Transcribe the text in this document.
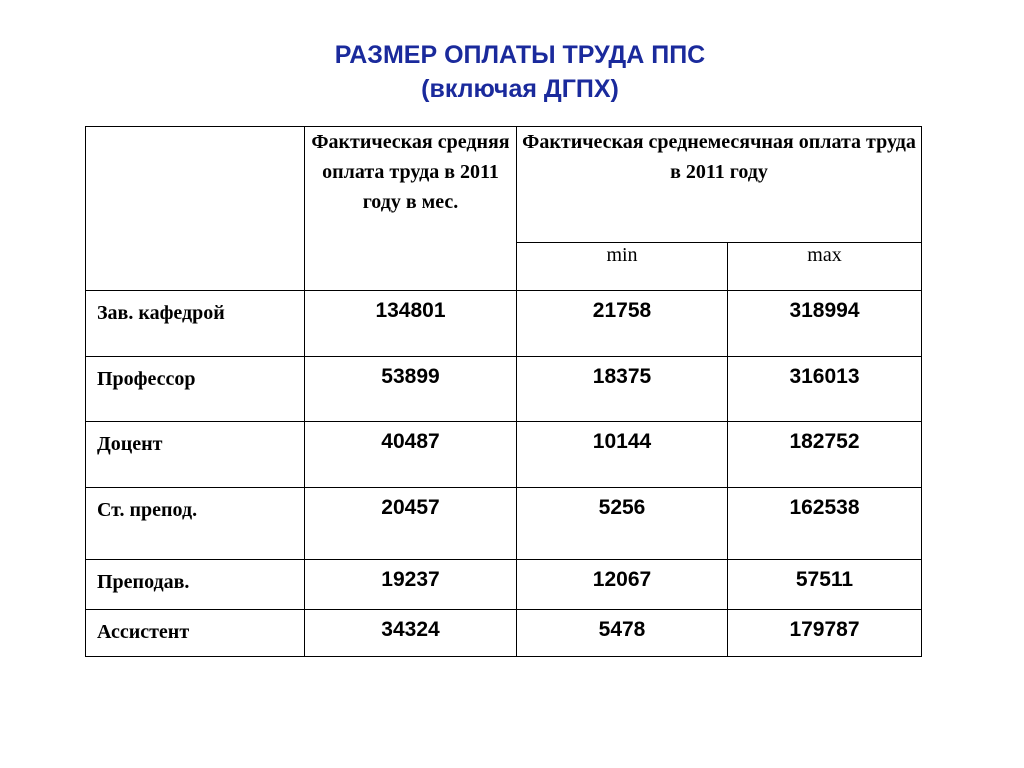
РАЗМЕР ОПЛАТЫ ТРУДА ППС
(включая ДГПХ)
	Фактическая средняя оплата труда в 2011 году в мес.	Фактическая среднемесячная оплата труда в 2011 году	
		min	max
Зав. кафедрой	134801	21758	318994
Профессор	53899	18375	316013
Доцент	40487	10144	182752
Ст. препод.	20457	5256	162538
Преподав.	19237	12067	57511
Ассистент	34324	5478	179787
